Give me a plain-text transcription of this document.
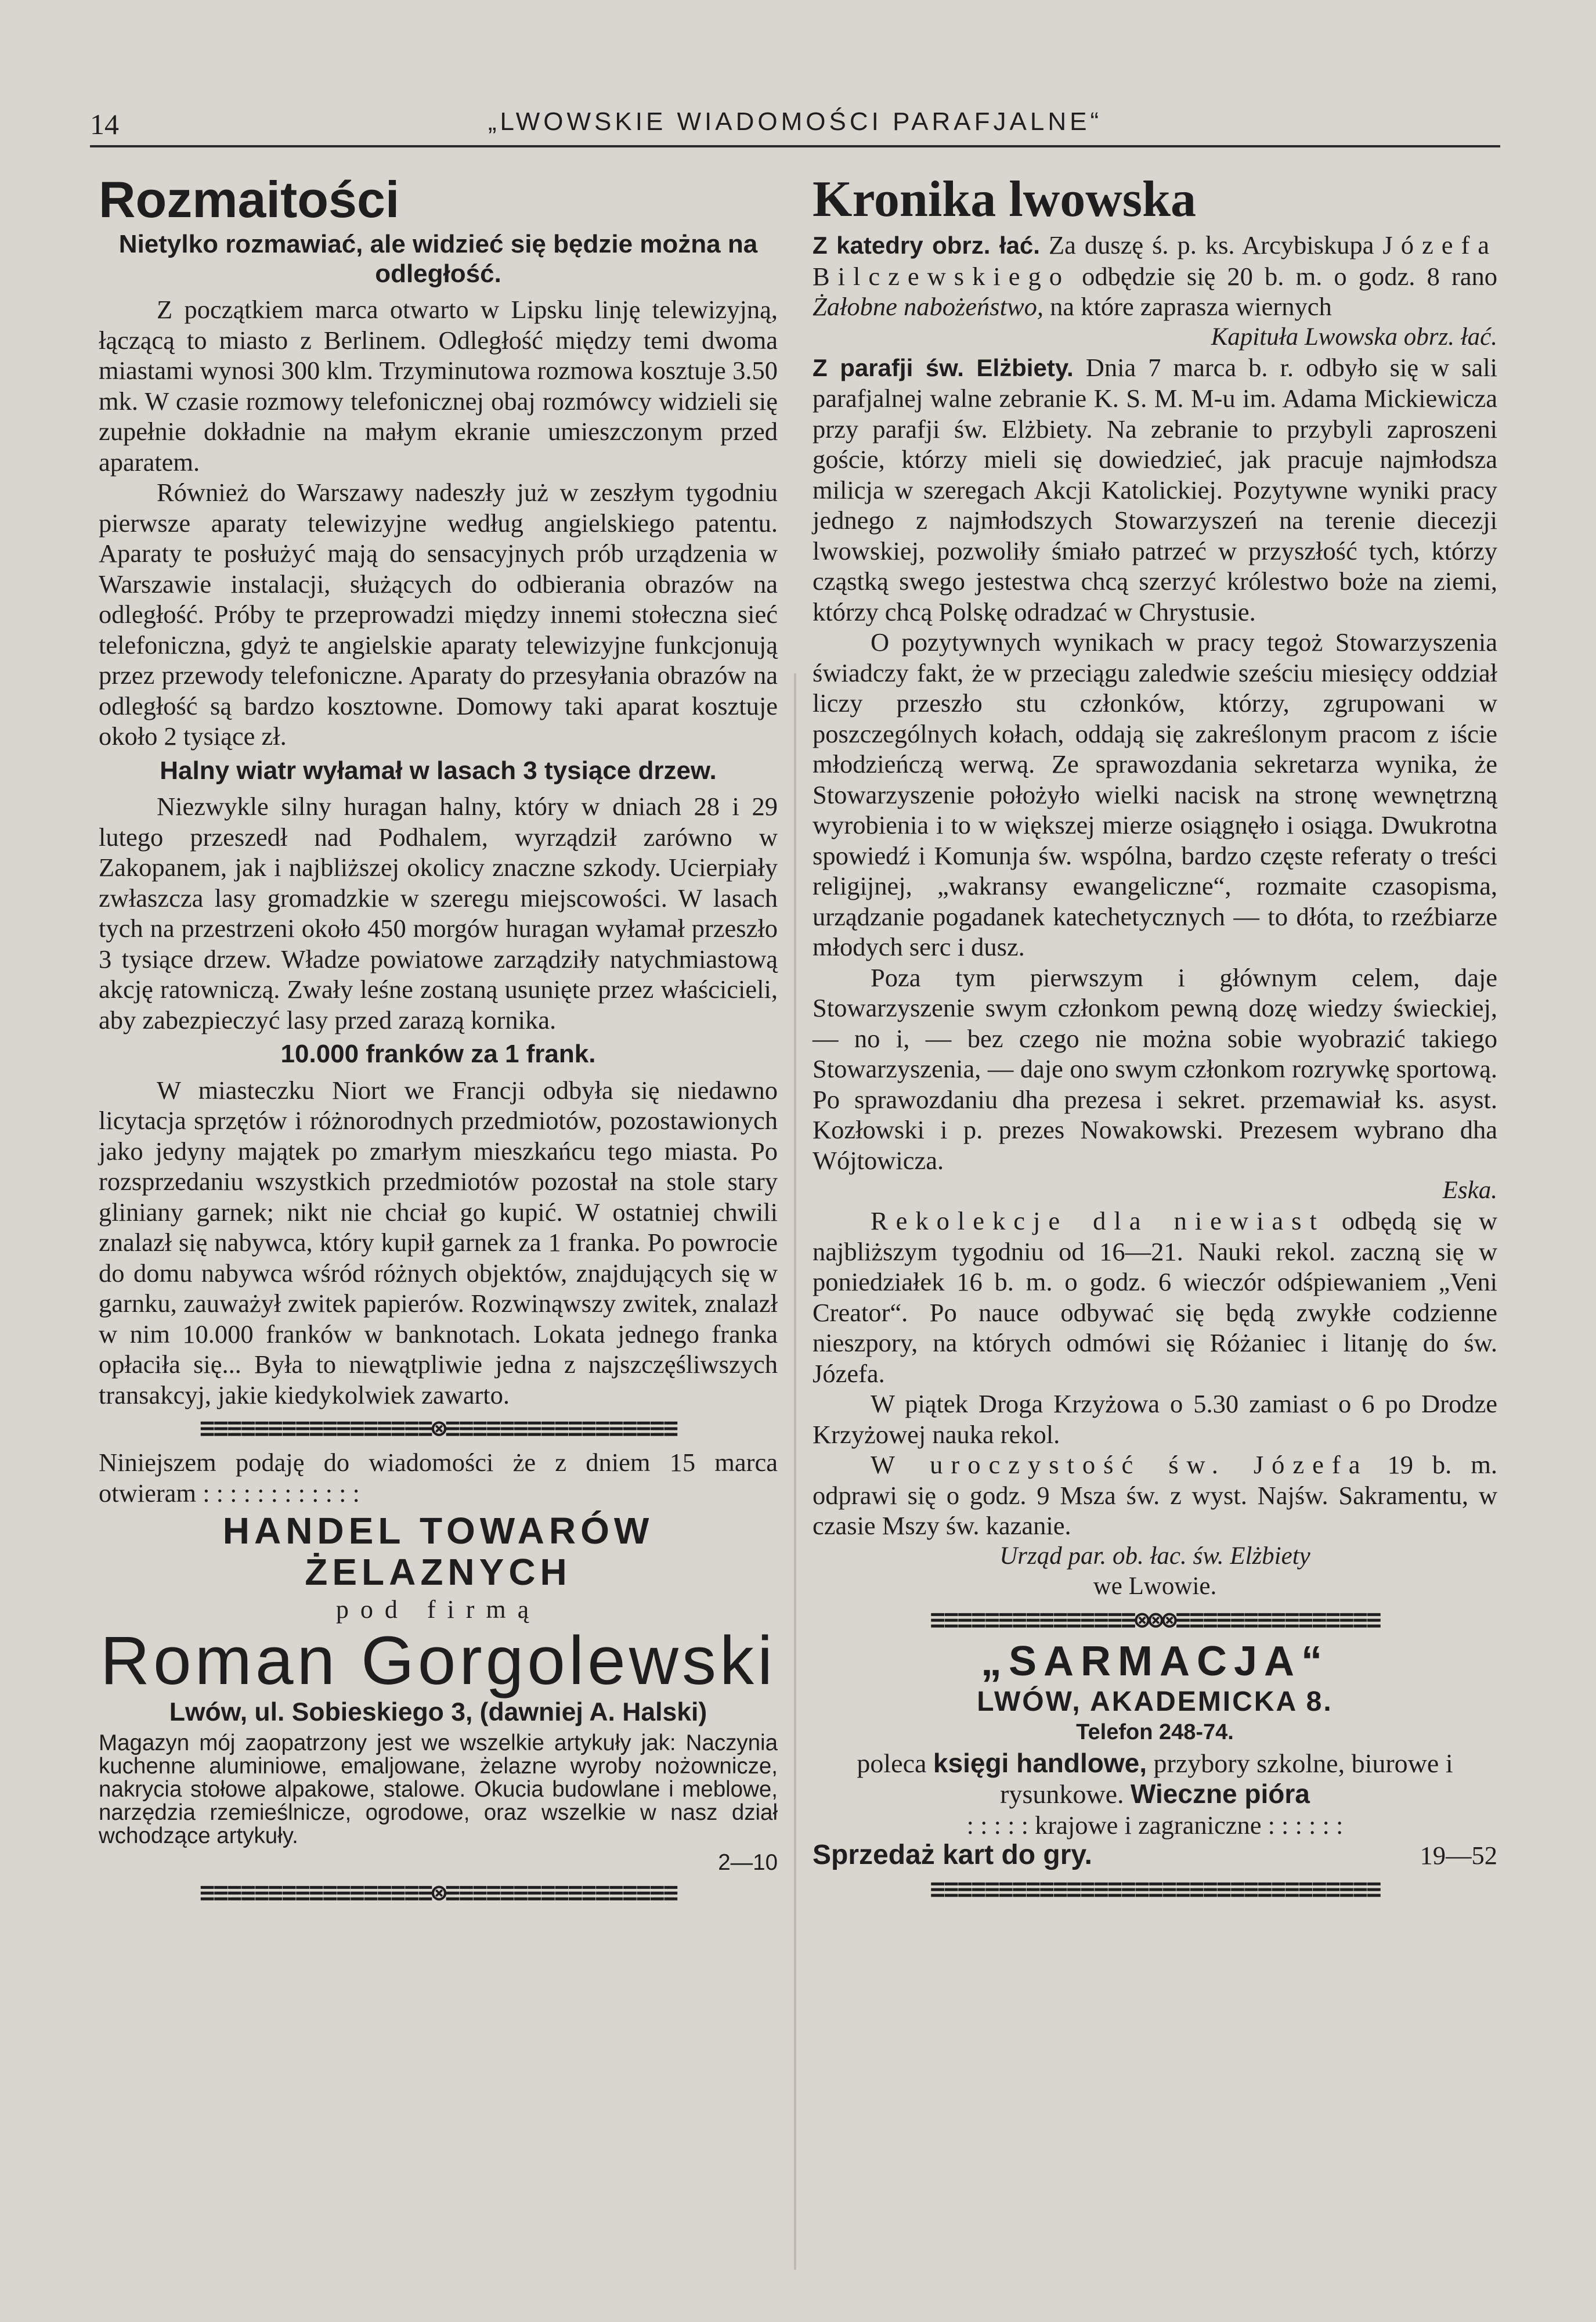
14	„LWOWSKIE WIADOMOŚCI PARAFJALNE“
Rozmaitości
Nietylko rozmawiać, ale widzieć się będzie można na odległość.

Z początkiem marca otwarto w Lipsku linję telewizyjną, łączącą to miasto z Berlinem. Odległość między temi dwoma miastami wynosi 300 klm. Trzyminutowa rozmowa kosztuje 3.50 mk. W czasie rozmowy telefonicznej obaj rozmówcy widzieli się zupełnie dokładnie na małym ekranie umieszczonym przed aparatem.

Również do Warszawy nadeszły już w zeszłym tygodniu pierwsze aparaty telewizyjne według angielskiego patentu. Aparaty te posłużyć mają do sensacyjnych prób urządzenia w Warszawie instalacji, służących do odbierania obrazów na odległość. Próby te przeprowadzi między innemi stołeczna sieć telefoniczna, gdyż te angielskie aparaty telewizyjne funkcjonują przez przewody telefoniczne. Aparaty do przesyłania obrazów na odległość są bardzo kosztowne. Domowy taki aparat kosztuje około 2 tysiące zł.

Halny wiatr wyłamał w lasach 3 tysiące drzew.

Niezwykle silny huragan halny, który w dniach 28 i 29 lutego przeszedł nad Podhalem, wyrządził zarówno w Zakopanem, jak i najbliższej okolicy znaczne szkody. Ucierpiały zwłaszcza lasy gromadzkie w szeregu miejscowości. W lasach tych na przestrzeni około 450 morgów huragan wyłamał przeszło 3 tysiące drzew. Władze powiatowe zarządziły natychmiastową akcję ratowniczą. Zwały leśne zostaną usunięte przez właścicieli, aby zabezpieczyć lasy przed zarazą kornika.

10.000 franków za 1 frank.

W miasteczku Niort we Francji odbyła się niedawno licytacja sprzętów i różnorodnych przedmiotów, pozostawionych jako jedyny majątek po zmarłym mieszkańcu tego miasta. Po rozsprzedaniu wszystkich przedmiotów pozostał na stole stary gliniany garnek; nikt nie chciał go kupić. W ostatniej chwili znalazł się nabywca, który kupił garnek za 1 franka. Po powrocie do domu nabywca wśród różnych objektów, znajdujących się w garnku, zauważył zwitek papierów. Rozwinąwszy zwitek, znalazł w nim 10.000 franków w banknotach. Lokata jednego franka opłaciła się... Była to niewątpliwie jedna z najszczęśliwszych transakcyj, jakie kiedykolwiek zawarto.

≡≡≡≡≡≡≡≡≡≡≡≡≡≡≡≡≡⊗≡≡≡≡≡≡≡≡≡≡≡≡≡≡≡≡≡

Niniejszem podaję do wiadomości że z dniem 15 marca otwieram : : : : : : : : : : : :

HANDEL TOWARÓW ŻELAZNYCH
pod firmą
Roman Gorgolewski
Lwów, ul. Sobieskiego 3, (dawniej A. Halski)

Magazyn mój zaopatrzony jest we wszelkie artykuły jak: Naczynia kuchenne aluminiowe, emaljowane, żelazne wyroby nożownicze, nakrycia stołowe alpakowe, stalowe. Okucia budowlane i meblowe, narzędzia rzemieślnicze, ogrodowe, oraz wszelkie w nasz dział wchodzące artykuły.

2—10
≡≡≡≡≡≡≡≡≡≡≡≡≡≡≡≡≡⊗≡≡≡≡≡≡≡≡≡≡≡≡≡≡≡≡≡
Kronika lwowska

Z katedry obrz. łać. Za duszę ś. p. ks. Arcybiskupa Józefa Bilczewskiego odbędzie się 20 b. m. o godz. 8 rano Żałobne nabożeństwo, na które zaprasza wiernych

Kapituła Lwowska obrz. łać.

Z parafji św. Elżbiety. Dnia 7 marca b. r. odbyło się w sali parafjalnej walne zebranie K. S. M. M-u im. Adama Mickiewicza przy parafji św. Elżbiety. Na zebranie to przybyli zaproszeni goście, którzy mieli się dowiedzieć, jak pracuje najmłodsza milicja w szeregach Akcji Katolickiej. Pozytywne wyniki pracy jednego z najmłodszych Stowarzyszeń na terenie diecezji lwowskiej, pozwoliły śmiało patrzeć w przyszłość tych, którzy cząstką swego jestestwa chcą szerzyć królestwo boże na ziemi, którzy chcą Polskę odradzać w Chrystusie.

O pozytywnych wynikach w pracy tegoż Stowarzyszenia świadczy fakt, że w przeciągu zaledwie sześciu miesięcy oddział liczy przeszło stu członków, którzy, zgrupowani w poszczególnych kołach, oddają się zakreślonym pracom z iście młodzieńczą werwą. Ze sprawozdania sekretarza wynika, że Stowarzyszenie położyło wielki nacisk na stronę wewnętrzną wyrobienia i to w większej mierze osiągnęło i osiąga. Dwukrotna spowiedź i Komunja św. wspólna, bardzo częste referaty o treści religijnej, „wakransy ewangeliczne“, rozmaite czasopisma, urządzanie pogadanek katechetycznych — to dłóta, to rzeźbiarze młodych serc i dusz.

Poza tym pierwszym i głównym celem, daje Stowarzyszenie swym członkom pewną dozę wiedzy świeckiej, — no i, — bez czego nie można sobie wyobrazić takiego Stowarzyszenia, — daje ono swym członkom rozrywkę sportową. Po sprawozdaniu dha prezesa i sekret. przemawiał ks. asyst. Kozłowski i p. prezes Nowakowski. Prezesem wybrano dha Wójtowicza.

Eska.

Rekolekcje dla niewiast odbędą się w najbliższym tygodniu od 16—21. Nauki rekol. zaczną się w poniedziałek 16 b. m. o godz. 6 wieczór odśpiewaniem „Veni Creator“. Po nauce odbywać się będą zwykłe codzienne nieszpory, na których odmówi się Różaniec i litanję do św. Józefa.

W piątek Droga Krzyżowa o 5.30 zamiast o 6 po Drodze Krzyżowej nauka rekol.

W uroczystość św. Józefa 19 b. m. odprawi się o godz. 9 Msza św. z wyst. Najśw. Sakramentu, w czasie Mszy św. kazanie.

Urząd par. ob. łac. św. Elżbiety

we Lwowie.

≡≡≡≡≡≡≡≡≡≡≡≡≡≡≡⊗⊗⊗≡≡≡≡≡≡≡≡≡≡≡≡≡≡≡
„SARMACJA“
LWÓW, AKADEMICKA 8.
Telefon 248-74.

poleca księgi handlowe, przybory szkolne, biurowe i rysunkowe. Wieczne pióra

: : : : : krajowe i zagraniczne : : : : : :
Sprzedaż kart do gry.	19—52
≡≡≡≡≡≡≡≡≡≡≡≡≡≡≡≡≡≡≡≡≡≡≡≡≡≡≡≡≡≡≡≡≡
